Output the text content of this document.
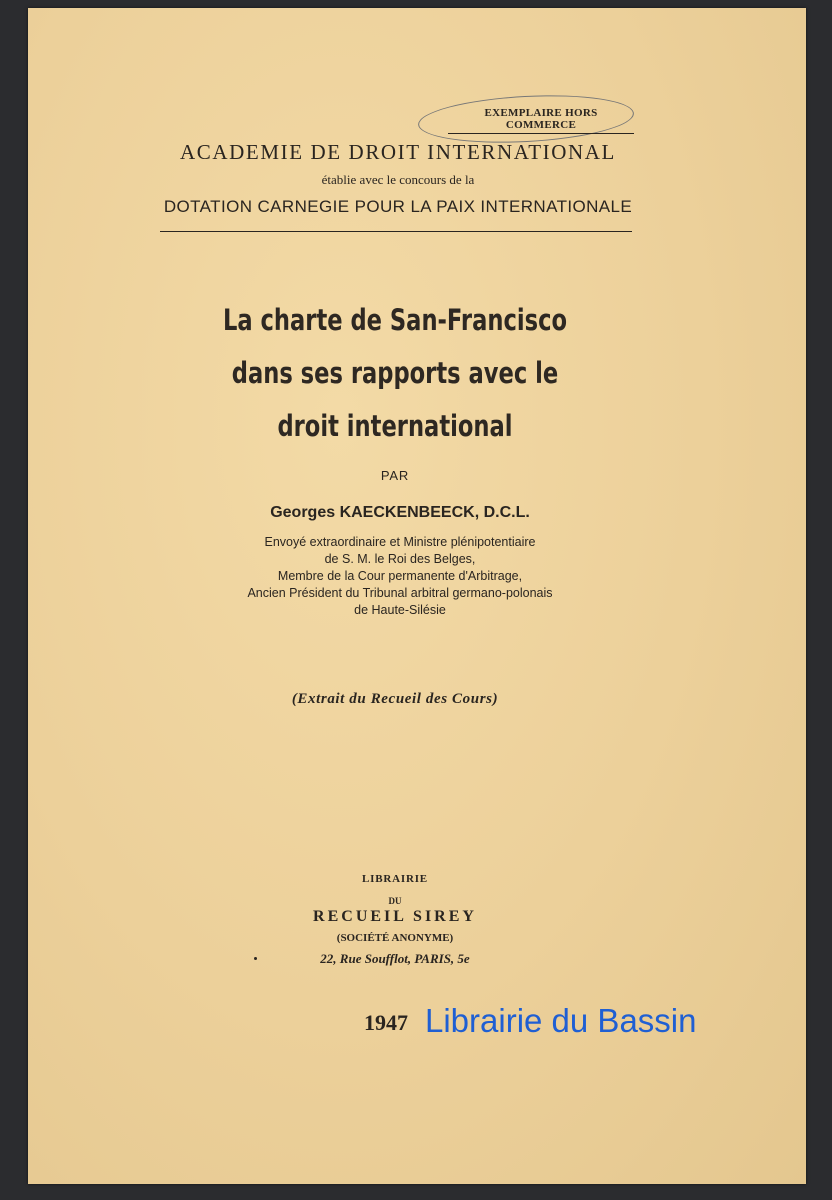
EXEMPLAIRE HORS COMMERCE
ACADEMIE DE DROIT INTERNATIONAL
établie avec le concours de la
DOTATION CARNEGIE POUR LA PAIX INTERNATIONALE
La charte de San-Francisco
dans ses rapports avec le
droit international
PAR
Georges KAECKENBEECK, D.C.L.
Envoyé extraordinaire et Ministre plénipotentiaire
de S. M. le Roi des Belges,
Membre de la Cour permanente d'Arbitrage,
Ancien Président du Tribunal arbitral germano-polonais
de Haute-Silésie
(Extrait du Recueil des Cours)
LIBRAIRIE
DU
RECUEIL SIREY
(SOCIÉTÉ ANONYME)
22, Rue Soufflot, PARIS, 5e
1947 Librairie du Bassin
